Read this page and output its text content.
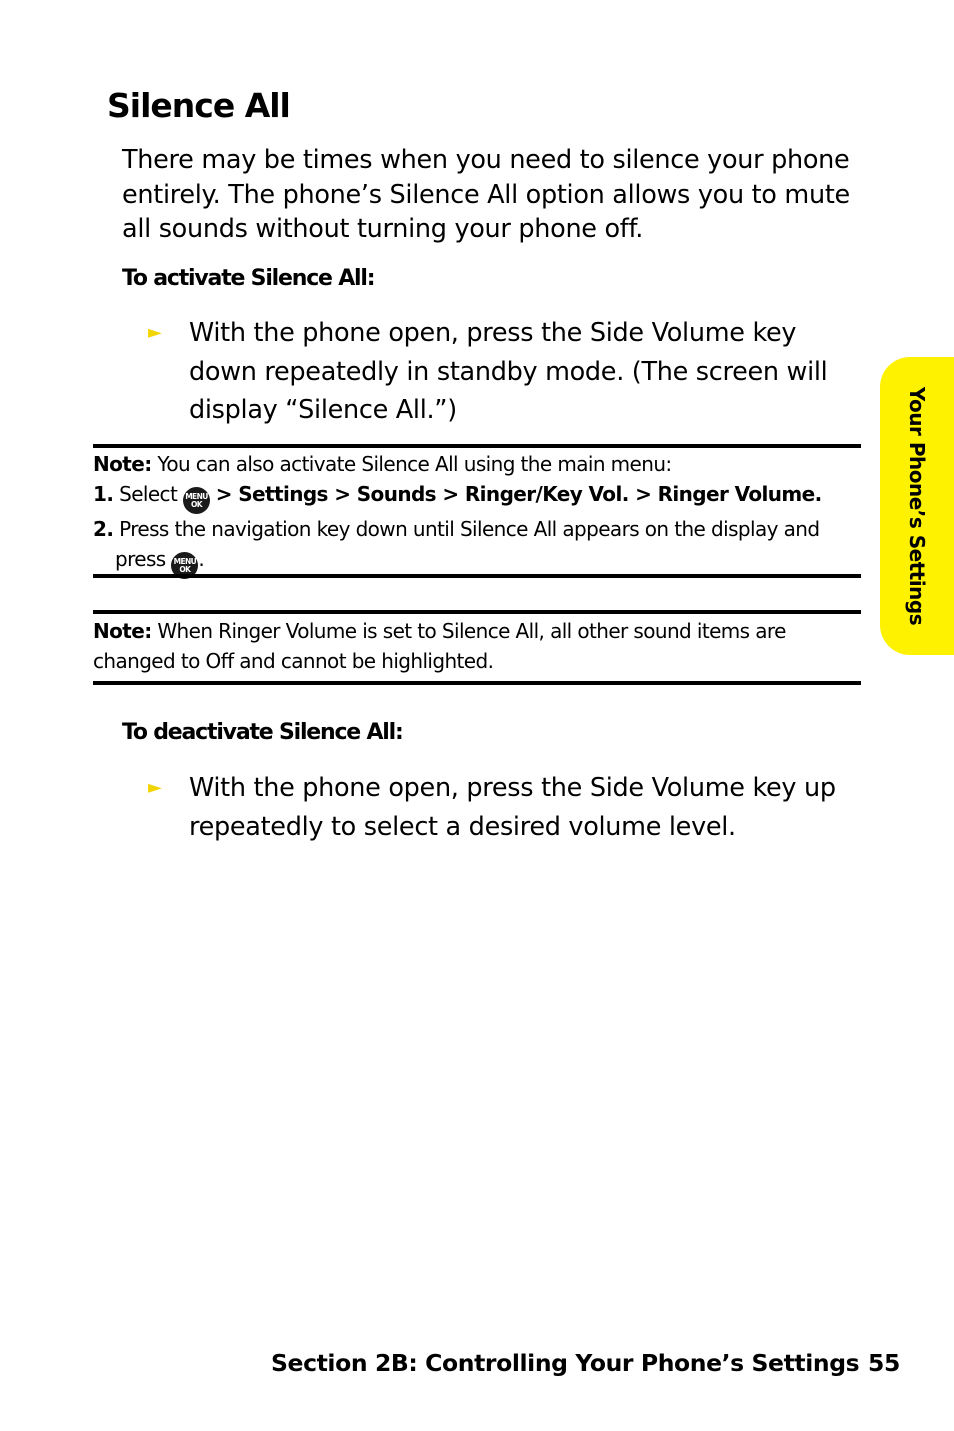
Silence All
There may be times when you need to silence your phone entirely. The phone’s Silence All option allows you to mute all sounds without turning your phone off.
To activate Silence All:
► With the phone open, press the Side Volume key down repeatedly in standby mode. (The screen will display “Silence All.”)
Note: You can also activate Silence All using the main menu:
1. Select MENU
OK > Settings > Sounds > Ringer/Key Vol. > Ringer Volume.
2. Press the navigation key down until Silence All appears on the display and
press MENU
OK .
Note: When Ringer Volume is set to Silence All, all other sound items are changed to Off and cannot be highlighted.
To deactivate Silence All:
► With the phone open, press the Side Volume key up repeatedly to select a desired volume level.
Your Phone’s Settings
Section 2B: Controlling Your Phone’s Settings 55
